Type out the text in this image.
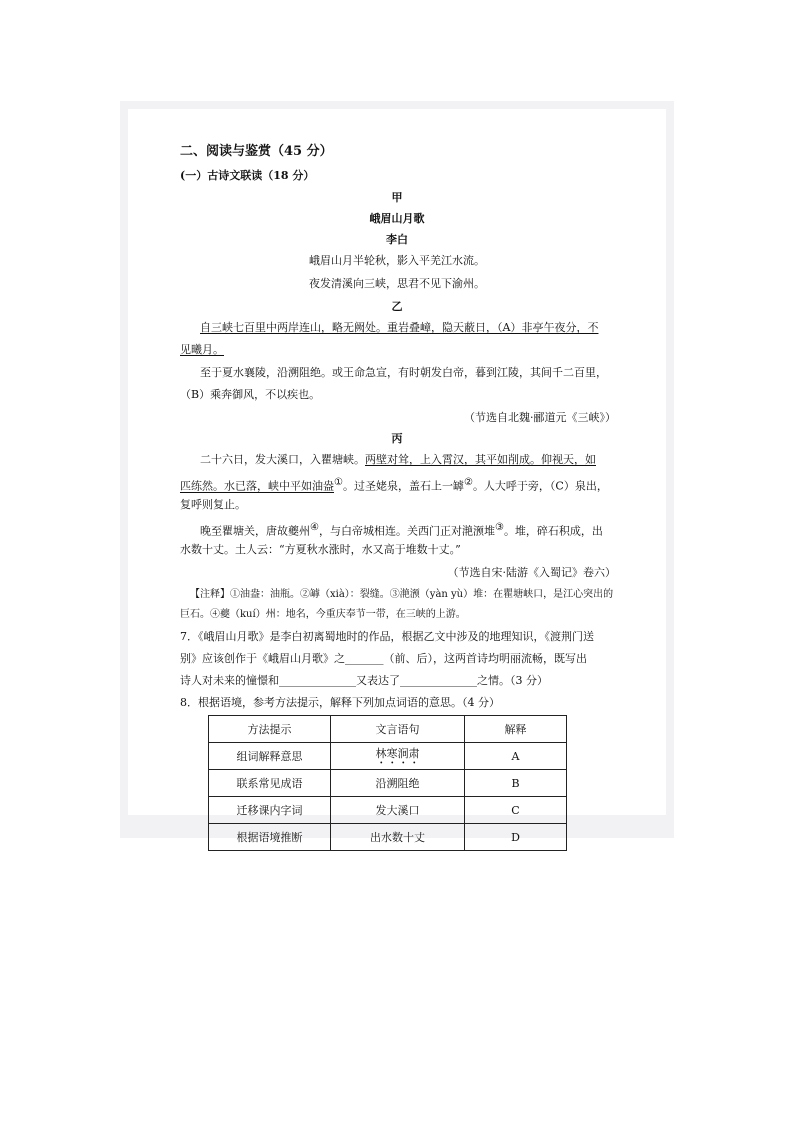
二、阅读与鉴赏（45 分）
(一）古诗文联读（18 分）
甲
峨眉山月歌
李白
峨眉山月半轮秋，影入平羌江水流。
夜发清溪向三峡，思君不见下渝州。
乙
自三峡七百里中两岸连山，略无阙处。重岩叠嶂，隐天蔽日，（A）非亭午夜分，不
见曦月。
至于夏水襄陵，沿溯阻绝。或王命急宣，有时朝发白帝，暮到江陵，其间千二百里，
（B）乘奔御风，不以疾也。
（节选自北魏·郦道元《三峡》）
丙
二十六日，发大溪口，入瞿塘峡。两壁对耸，上入霄汉，其平如削成。仰视天，如
匹练然。水已落，峡中平如油盎①。过圣姥泉，盖石上一罅②。人大呼于旁，（C）泉出，
复呼则复止。
晚至瞿塘关，唐故夔州④，与白帝城相连。关西门正对滟滪堆③。堆，碎石积成，出
水数十丈。土人云：“方夏秋水涨时，水又高于堆数十丈。”
（节选自宋·陆游《入蜀记》卷六）
【注释】①油盎：油瓶。②罅（xià）：裂缝。③滟滪（yàn yù）堆：在瞿塘峡口，是江心突出的
巨石。④夔（kuí）州：地名，今重庆奉节一带，在三峡的上游。
7．《峨眉山月歌》是李白初离蜀地时的作品，根据乙文中涉及的地理知识，《渡荆门送
别》应该创作于《峨眉山月歌》之_______（前、后），这两首诗均明丽流畅，既写出
诗人对未来的憧憬和______________又表达了______________之情。（3 分）
8．根据语境，参考方法提示，解释下列加点词语的意思。（4 分）
方法提示	文言语句	解释
组词解释意思	林寒涧肃	A
联系常见成语	沿溯阻绝	B
迁移课内字词	发大溪口	C
根据语境推断	出水数十丈	D
